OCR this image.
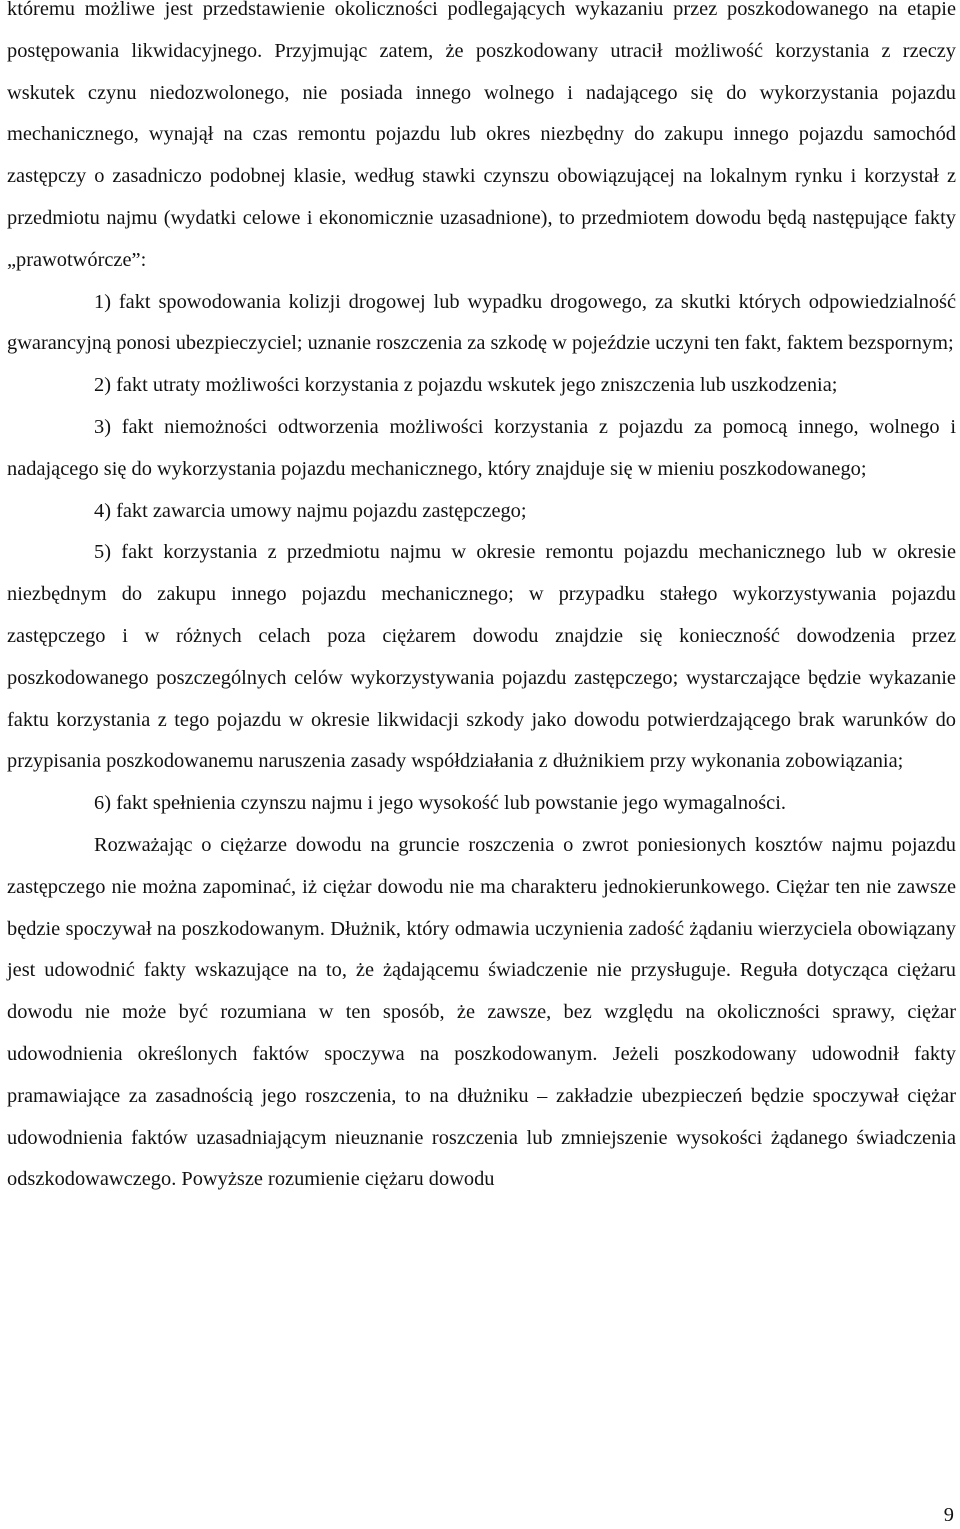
któremu możliwe jest przedstawienie okoliczności podlegających wykazaniu przez poszkodowanego na etapie postępowania likwidacyjnego. Przyjmując zatem, że poszkodowany utracił możliwość korzystania z rzeczy wskutek czynu niedozwolonego, nie posiada innego wolnego i nadającego się do wykorzystania pojazdu mechanicznego, wynajął na czas remontu pojazdu lub okres niezbędny do zakupu innego pojazdu samochód zastępczy o zasadniczo podobnej klasie, według stawki czynszu obowiązującej na lokalnym rynku i korzystał z przedmiotu najmu (wydatki celowe i ekonomicznie uzasadnione), to przedmiotem dowodu będą następujące fakty „prawotwórcze”:

1) fakt spowodowania kolizji drogowej lub wypadku drogowego, za skutki których odpowiedzialność gwarancyjną ponosi ubezpieczyciel; uznanie roszczenia za szkodę w pojeździe uczyni ten fakt, faktem bezspornym;

2) fakt utraty możliwości korzystania z pojazdu wskutek jego zniszczenia lub uszkodzenia;

3) fakt niemożności odtworzenia możliwości korzystania z pojazdu za pomocą innego, wolnego i nadającego się do wykorzystania pojazdu mechanicznego, który znajduje się w mieniu poszkodowanego;

4) fakt zawarcia umowy najmu pojazdu zastępczego;

5) fakt korzystania z przedmiotu najmu w okresie remontu pojazdu mechanicznego lub w okresie niezbędnym do zakupu innego pojazdu mechanicznego; w przypadku stałego wykorzystywania pojazdu zastępczego i w różnych celach poza ciężarem dowodu znajdzie się konieczność dowodzenia przez poszkodowanego poszczególnych celów wykorzystywania pojazdu zastępczego; wystarczające będzie wykazanie faktu korzystania z tego pojazdu w okresie likwidacji szkody jako dowodu potwierdzającego brak warunków do przypisania poszkodowanemu naruszenia zasady współdziałania z dłużnikiem przy wykonania zobowiązania;

6) fakt spełnienia czynszu najmu i jego wysokość lub powstanie jego wymagalności.

Rozważając o ciężarze dowodu na gruncie roszczenia o zwrot poniesionych kosztów najmu pojazdu zastępczego nie można zapominać, iż ciężar dowodu nie ma charakteru jednokierunkowego. Ciężar ten nie zawsze będzie spoczywał na poszkodowanym. Dłużnik, który odmawia uczynienia zadość żądaniu wierzyciela obowiązany jest udowodnić fakty wskazujące na to, że żądającemu świadczenie nie przysługuje. Reguła dotycząca ciężaru dowodu nie może być rozumiana w ten sposób, że zawsze, bez względu na okoliczności sprawy, ciężar udowodnienia określonych faktów spoczywa na poszkodowanym. Jeżeli poszkodowany udowodnił fakty pramawiające za zasadnością jego roszczenia, to na dłużniku – zakładzie ubezpieczeń będzie spoczywał ciężar udowodnienia faktów uzasadniającym nieuznanie roszczenia lub zmniejszenie wysokości żądanego świadczenia odszkodowawczego. Powyższe rozumienie ciężaru dowodu

9
